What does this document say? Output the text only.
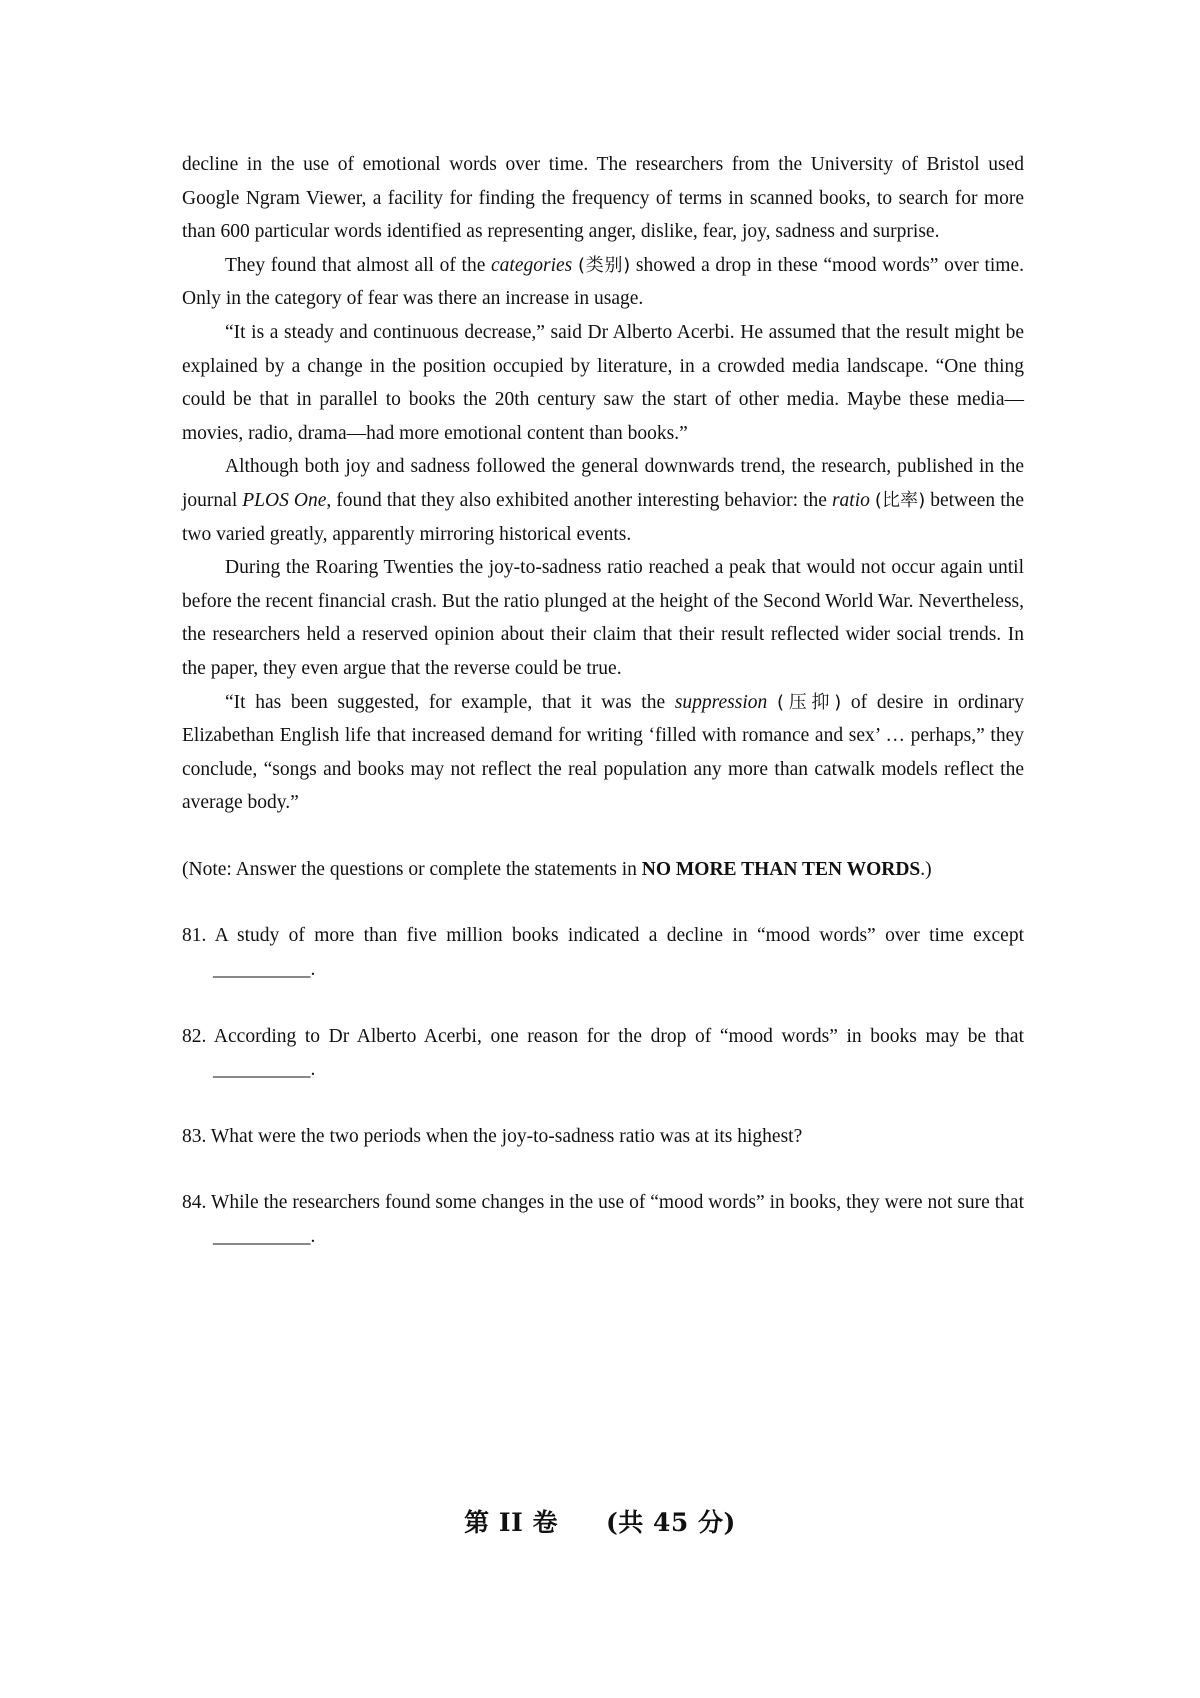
decline in the use of emotional words over time. The researchers from the University of Bristol used Google Ngram Viewer, a facility for finding the frequency of terms in scanned books, to search for more than 600 particular words identified as representing anger, dislike, fear, joy, sadness and surprise.

They found that almost all of the categories (类别) showed a drop in these “mood words” over time. Only in the category of fear was there an increase in usage.

“It is a steady and continuous decrease,” said Dr Alberto Acerbi. He assumed that the result might be explained by a change in the position occupied by literature, in a crowded media landscape. “One thing could be that in parallel to books the 20th century saw the start of other media. Maybe these media—movies, radio, drama—had more emotional content than books.”

Although both joy and sadness followed the general downwards trend, the research, published in the journal PLOS One, found that they also exhibited another interesting behavior: the ratio (比率) between the two varied greatly, apparently mirroring historical events.

During the Roaring Twenties the joy-to-sadness ratio reached a peak that would not occur again until before the recent financial crash. But the ratio plunged at the height of the Second World War. Nevertheless, the researchers held a reserved opinion about their claim that their result reflected wider social trends. In the paper, they even argue that the reverse could be true.

“It has been suggested, for example, that it was the suppression (压抑) of desire in ordinary Elizabethan English life that increased demand for writing ‘filled with romance and sex’ … perhaps,” they conclude, “songs and books may not reflect the real population any more than catwalk models reflect the average body.”

(Note: Answer the questions or complete the statements in NO MORE THAN TEN WORDS.)

81. A study of more than five million books indicated a decline in “mood words” over time except __________.

82. According to Dr Alberto Acerbi, one reason for the drop of “mood words” in books may be that __________.

83. What were the two periods when the joy-to-sadness ratio was at its highest?

84. While the researchers found some changes in the use of “mood words” in books, they were not sure that __________.

第 II 卷 (共 45 分)
